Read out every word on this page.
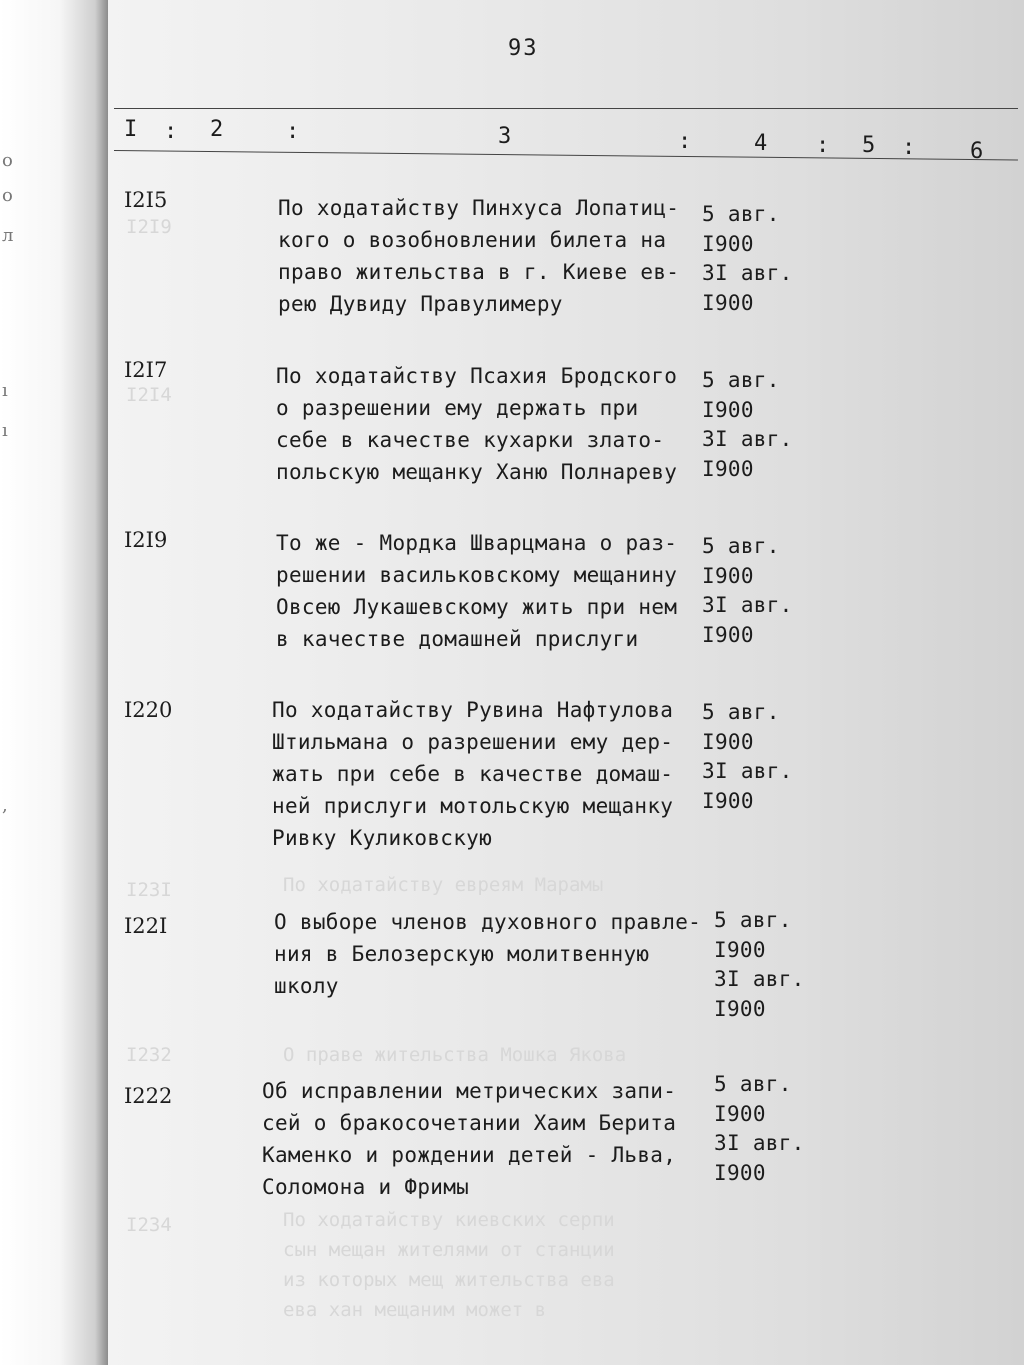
о
о
л
ı
ı
,
I2I9
I2I4
I23I
I232
I234
По ходатайству евреям Марамы
О праве жительства Мошка Якова
По ходатайству киевских серпи
сын мещан жителями от станции
из которых мещ жительства ева
ева хан мещаним может в

93
I : 2	:	3	:	4 : 5 : 6
I2I5	По ходатайству Пинхуса Лопатиц-
кого о возобновлении билета на
право жительства в г. Киеве ев-
рею Дувиду Правулимеру
5 авг.
I900
3I авг.
I900
I2I7	По ходатайству Псахия Бродского
о разрешении ему держать при
себе в качестве кухарки злато-
польскую мещанку Ханю Полнареву
5 авг.
I900
3I авг.
I900
I2I9	То же - Мордка Шварцмана о раз-
решении васильковскому мещанину
Овсею Лукашевскому жить при нем
в качестве домашней прислуги
5 авг.
I900
3I авг.
I900
I220	По ходатайству Рувина Нафтулова
Штильмана о разрешении ему дер-
жать при себе в качестве домаш-
ней прислуги мотольскую мещанку
Ривку Куликовскую
5 авг.
I900
3I авг.
I900
I22I	О выборе членов духовного правле-
ния в Белозерскую молитвенную
школу
5 авг.
I900
3I авг.
I900
I222	Об исправлении метрических запи-
сей о бракосочетании Хаим Берита
Каменко и рождении детей - Льва,
Соломона и Фримы
5 авг.
I900
3I авг.
I900
